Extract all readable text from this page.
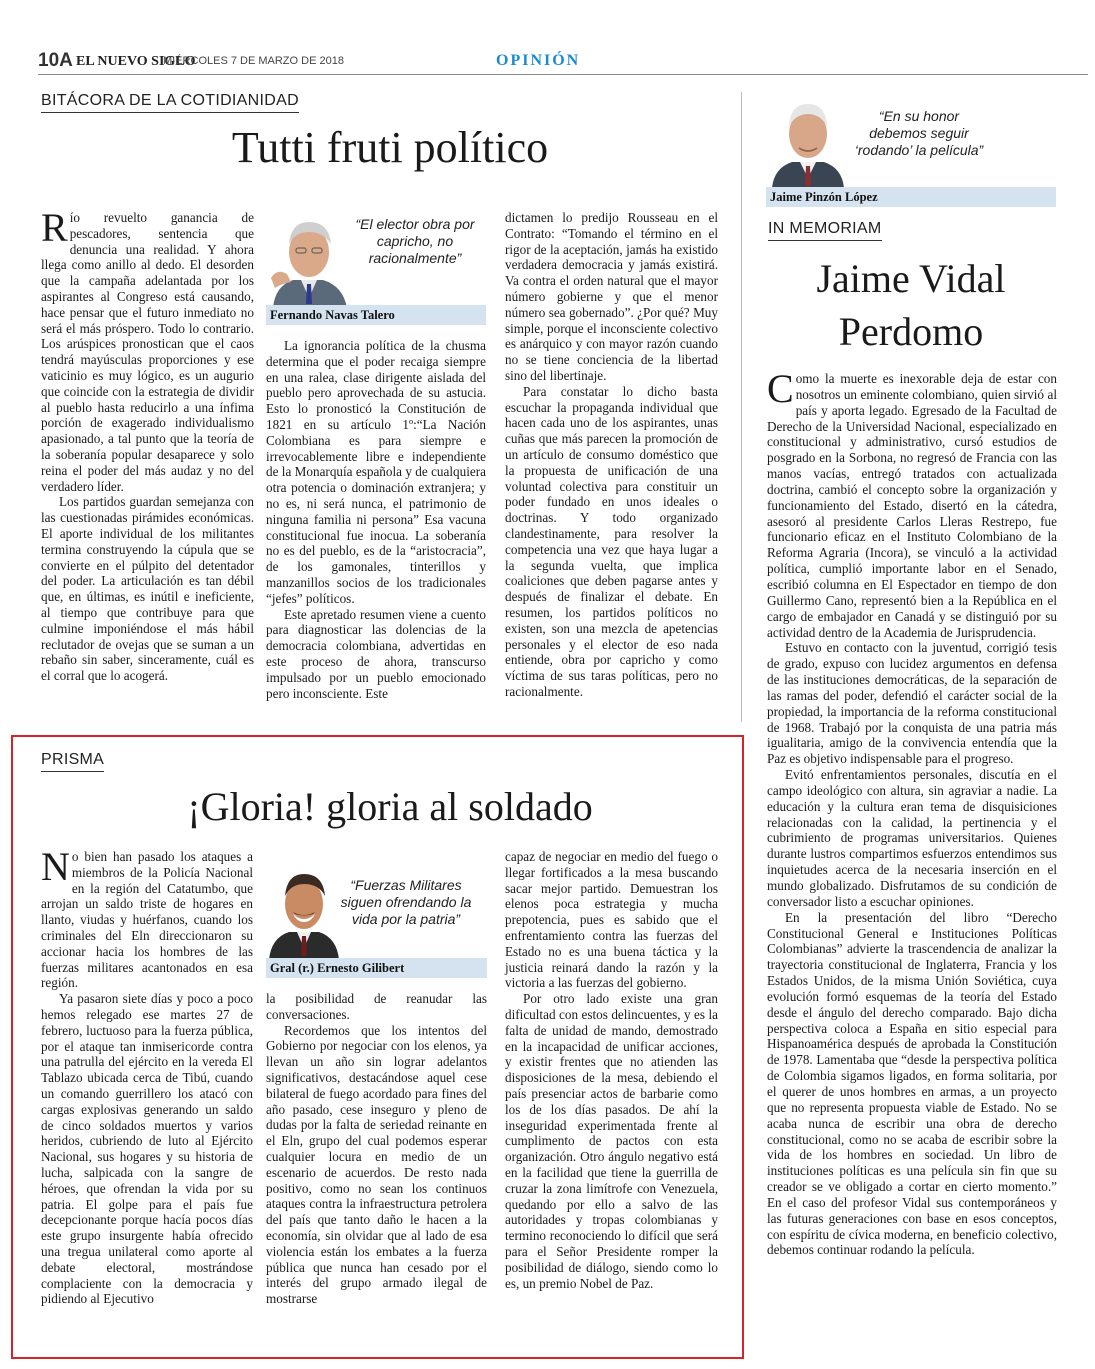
10A EL NUEVO SIGLO
MIÉRCOLES 7 DE MARZO DE 2018	OPINIÓN
BITÁCORA DE LA COTIDIANIDAD
Tutti fruti político

Río revuelto ganancia de pescadores, sentencia que denuncia una realidad. Y ahora llega como anillo al dedo. El desorden que la campaña adelantada por los aspirantes al Congreso está causando, hace pensar que el futuro inmediato no será el más próspero. Todo lo contrario. Los arúspices pronostican que el caos tendrá mayúsculas proporciones y ese vaticinio es muy lógico, es un augurio que coincide con la estrategia de dividir al pueblo hasta reducirlo a una ínfima porción de exagerado individualismo apasionado, a tal punto que la teoría de la soberanía popular desaparece y solo reina el poder del más audaz y no del verdadero líder.

Los partidos guardan semejanza con las cuestionadas pirámides económicas. El aporte individual de los militantes termina construyendo la cúpula que se convierte en el púlpito del detentador del poder. La articulación es tan débil que, en últimas, es inútil e ineficiente, al tiempo que contribuye para que culmine imponiéndose el más hábil reclutador de ovejas que se suman a un rebaño sin saber, sinceramente, cuál es el corral que lo acogerá.

“El elector obra por capricho, no racionalmente”
Fernando Navas Talero

La ignorancia política de la chusma determina que el poder recaiga siempre en una ralea, clase dirigente aislada del pueblo pero aprovechada de su astucia. Esto lo pronosticó la Constitución de 1821 en su artículo 1º:“La Nación Colombiana es para siempre e irrevocablemente libre e independiente de la Monarquía española y de cualquiera otra potencia o dominación extranjera; y no es, ni será nunca, el patrimonio de ninguna familia ni persona” Esa vacuna constitucional fue inocua. La soberanía no es del pueblo, es de la “aristocracia”, de los gamonales, tinterillos y manzanillos socios de los tradicionales “jefes” políticos.

Este apretado resumen viene a cuento para diagnosticar las dolencias de la democracia colombiana, advertidas en este proceso de ahora, transcurso impulsado por un pueblo emocionado pero inconsciente. Este

dictamen lo predijo Rousseau en el Contrato: “Tomando el término en el rigor de la aceptación, jamás ha existido verdadera democracia y jamás existirá. Va contra el orden natural que el mayor número gobierne y que el menor número sea gobernado”. ¿Por qué? Muy simple, porque el inconsciente colectivo es anárquico y con mayor razón cuando no se tiene conciencia de la libertad sino del libertinaje.

Para constatar lo dicho basta escuchar la propaganda individual que hacen cada uno de los aspirantes, unas cuñas que más parecen la promoción de un artículo de consumo doméstico que la propuesta de unificación de una voluntad colectiva para constituir un poder fundado en unos ideales o doctrinas. Y todo organizado clandestinamente, para resolver la competencia una vez que haya lugar a la segunda vuelta, que implica coaliciones que deben pagarse antes y después de finalizar el debate. En resumen, los partidos políticos no existen, son una mezcla de apetencias personales y el elector de eso nada entiende, obra por capricho y como víctima de sus taras políticas, pero no racionalmente.

PRISMA
¡Gloria! gloria al soldado

No bien han pasado los ataques a miembros de la Policía Nacional en la región del Catatumbo, que arrojan un saldo triste de hogares en llanto, viudas y huérfanos, cuando los criminales del Eln direccionaron su accionar hacia los hombres de las fuerzas militares acantonados en esa región.

Ya pasaron siete días y poco a poco hemos relegado ese martes 27 de febrero, luctuoso para la fuerza pública, por el ataque tan inmisericorde contra una patrulla del ejército en la vereda El Tablazo ubicada cerca de Tibú, cuando un comando guerrillero los atacó con cargas explosivas generando un saldo de cinco soldados muertos y varios heridos, cubriendo de luto al Ejército Nacional, sus hogares y su historia de lucha, salpicada con la sangre de héroes, que ofrendan la vida por su patria. El golpe para el país fue decepcionante porque hacía pocos días este grupo insurgente había ofrecido una tregua unilateral como aporte al debate electoral, mostrándose complaciente con la democracia y pidiendo al Ejecutivo

“Fuerzas Militares siguen ofrendando la vida por la patria”
Gral (r.) Ernesto Gilibert

la posibilidad de reanudar las conversaciones.

Recordemos que los intentos del Gobierno por negociar con los elenos, ya llevan un año sin lograr adelantos significativos, destacándose aquel cese bilateral de fuego acordado para fines del año pasado, cese inseguro y pleno de dudas por la falta de seriedad reinante en el Eln, grupo del cual podemos esperar cualquier locura en medio de un escenario de acuerdos. De resto nada positivo, como no sean los continuos ataques contra la infraestructura petrolera del país que tanto daño le hacen a la economía, sin olvidar que al lado de esa violencia están los embates a la fuerza pública que nunca han cesado por el interés del grupo armado ilegal de mostrarse

capaz de negociar en medio del fuego o llegar fortificados a la mesa buscando sacar mejor partido. Demuestran los elenos poca estrategia y mucha prepotencia, pues es sabido que el enfrentamiento contra las fuerzas del Estado no es una buena táctica y la justicia reinará dando la razón y la victoria a las fuerzas del gobierno.

Por otro lado existe una gran dificultad con estos delincuentes, y es la falta de unidad de mando, demostrado en la incapacidad de unificar acciones, y existir frentes que no atienden las disposiciones de la mesa, debiendo el país presenciar actos de barbarie como los de los días pasados. De ahí la inseguridad experimentada frente al cumplimento de pactos con esta organización. Otro ángulo negativo está en la facilidad que tiene la guerrilla de cruzar la zona limítrofe con Venezuela, quedando por ello a salvo de las autoridades y tropas colombianas y termino reconociendo lo difícil que será para el Señor Presidente romper la posibilidad de diálogo, siendo como lo es, un premio Nobel de Paz.

“En su honor debemos seguir ‘rodando’ la película”
Jaime Pinzón López
IN MEMORIAM
Jaime Vidal
Perdomo

Como la muerte es inexorable deja de estar con nosotros un eminente colombiano, quien sirvió al país y aporta legado. Egresado de la Facultad de Derecho de la Universidad Nacional, especializado en constitucional y administrativo, cursó estudios de posgrado en la Sorbona, no regresó de Francia con las manos vacías, entregó tratados con actualizada doctrina, cambió el concepto sobre la organización y funcionamiento del Estado, disertó en la cátedra, asesoró al presidente Carlos Lleras Restrepo, fue funcionario eficaz en el Instituto Colombiano de la Reforma Agraria (Incora), se vinculó a la actividad política, cumplió importante labor en el Senado, escribió columna en El Espectador en tiempo de don Guillermo Cano, representó bien a la República en el cargo de embajador en Canadá y se distinguió por su actividad dentro de la Academia de Jurisprudencia.

Estuvo en contacto con la juventud, corrigió tesis de grado, expuso con lucidez argumentos en defensa de las instituciones democráticas, de la separación de las ramas del poder, defendió el carácter social de la propiedad, la importancia de la reforma constitucional de 1968. Trabajó por la conquista de una patria más igualitaria, amigo de la convivencia entendía que la Paz es objetivo indispensable para el progreso.

Evitó enfrentamientos personales, discutía en el campo ideológico con altura, sin agraviar a nadie. La educación y la cultura eran tema de disquisiciones relacionadas con la calidad, la pertinencia y el cubrimiento de programas universitarios. Quienes durante lustros compartimos esfuerzos entendimos sus inquietudes acerca de la necesaria inserción en el mundo globalizado. Disfrutamos de su condición de conversador listo a escuchar opiniones.

En la presentación del libro “Derecho Constitucional General e Instituciones Políticas Colombianas” advierte la trascendencia de analizar la trayectoria constitucional de Inglaterra, Francia y los Estados Unidos, de la misma Unión Soviética, cuya evolución formó esquemas de la teoría del Estado desde el ángulo del derecho comparado. Bajo dicha perspectiva coloca a España en sitio especial para Hispanoamérica después de aprobada la Constitución de 1978. Lamentaba que “desde la perspectiva política de Colombia sigamos ligados, en forma solitaria, por el querer de unos hombres en armas, a un proyecto que no representa propuesta viable de Estado. No se acaba nunca de escribir una obra de derecho constitucional, como no se acaba de escribir sobre la vida de los hombres en sociedad. Un libro de instituciones políticas es una película sin fin que su creador se ve obligado a cortar en cierto momento.” En el caso del profesor Vidal sus contemporáneos y las futuras generaciones con base en esos conceptos, con espíritu de cívica moderna, en beneficio colectivo, debemos continuar rodando la película.
